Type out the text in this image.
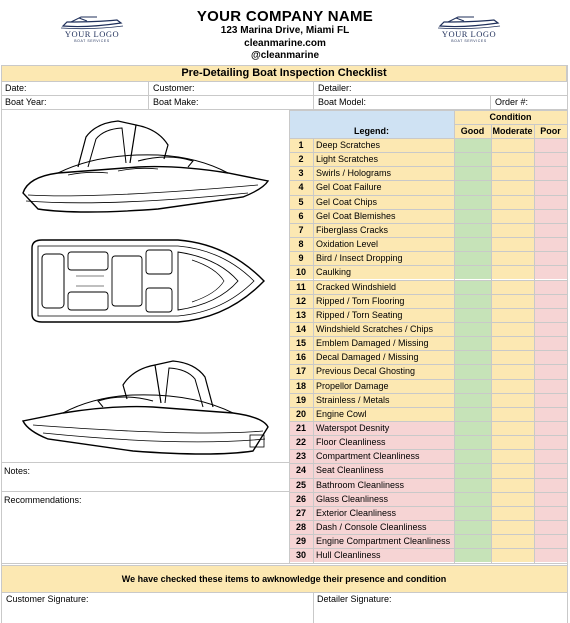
YOUR LOGO
BOAT SERVICES
YOUR LOGO
BOAT SERVICES
YOUR COMPANY NAME
123 Marina Drive, Miami FL
cleanmarine.com
@cleanmarine
Pre-Detailing Boat Inspection Checklist
Date:	Customer:	Detailer:
Boat Year:	Boat Make:	Boat Model:	Order #:
Condition
Legend:	Good Moderate Poor
1	Deep Scratches
2	Light Scratches
3	Swirls / Holograms
4	Gel Coat Failure
5	Gel Coat Chips
6	Gel Coat Blemishes
7	Fiberglass Cracks
8	Oxidation Level
9	Bird / Insect Dropping
10	Caulking
11	Cracked Windshield
12	Ripped / Torn Flooring
13	Ripped / Torn Seating
14	Windshield Scratches / Chips
15	Emblem Damaged / Missing
16	Decal Damaged / Missing
17	Previous Decal Ghosting
18	Propellor Damage
19	Strainless / Metals
20	Engine Cowl
21	Waterspot Desnity
22	Floor Cleanliness
23	Compartment Cleanliness
24	Seat Cleanliness
25	Bathroom Cleanliness
26	Glass Cleanliness
27	Exterior Cleanliness
28	Dash / Console Cleanliness
29	Engine Compartment Cleanliness
30	Hull Cleanliness
Notes:
Recommendations:
We have checked these items to awknowledge their presence and condition
Customer Signature:	Detailer Signature:
